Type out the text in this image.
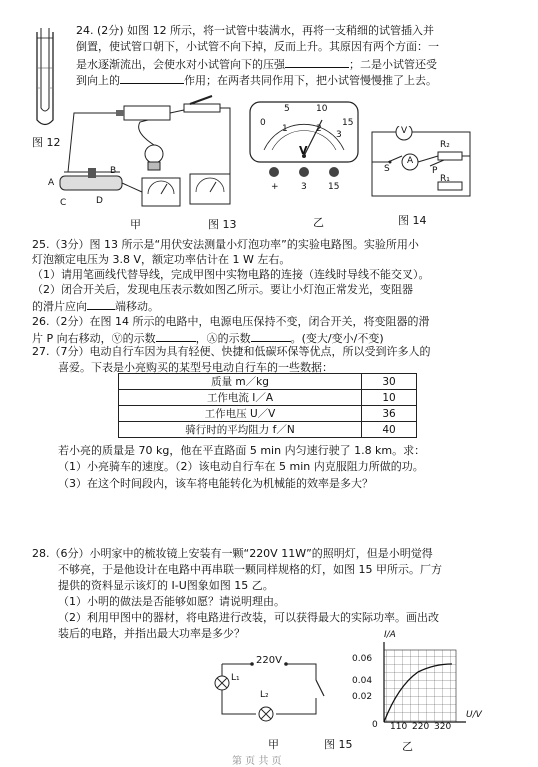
图 12
24. (2分) 如图 12 所示，将一试管中装满水，再将一支稍细的试管插入并
倒置，使试管口朝下，小试管不向下掉，反而上升。其原因有两个方面：一
是水逐渐流出，会使水对小试管向下的压强	；二是小试管还受
到向上的	作用；在两者共同作用下，把小试管慢慢推了上去。
A
B
C	D
甲	图 13
0
5	10
15
1	2
3
V
+ 3 15
乙
V
A
S
R₂
P
R₁
图 14
25.（3分）图 13 所示是“用伏安法测量小灯泡功率”的实验电路图。实验所用小
灯泡额定电压为 3.8 V，额定功率估计在 1 W 左右。
（1）请用笔画线代替导线，完成甲图中实物电路的连接（连线时导线不能交叉）。
（2）闭合开关后，发现电压表示数如图乙所示。要让小灯泡正常发光，变阻器
的滑片应向	端移动。
26.（2分）在图 14 所示的电路中，电源电压保持不变，闭合开关，将变阻器的滑
片 P 向右移动，Ⓥ的示数	，Ⓐ的示数	。(变大/变小/不变)
27.（7分）电动自行车因为具有轻便、快捷和低碳环保等优点，所以受到许多人的
喜爱。下表是小亮购买的某型号电动自行车的一些数据：
质量 m／kg	30
工作电流 I／A	10
工作电压 U／V	36
骑行时的平均阻力 f／N	40
若小亮的质量是 70 kg，他在平直路面 5 min 内匀速行驶了 1.8 km。求：
（1）小亮骑车的速度。（2）该电动自行车在 5 min 内克服阻力所做的功。
（3）在这个时间段内，该车将电能转化为机械能的效率是多大？
28.（6分）小明家中的梳妆镜上安装有一颗“220V 11W”的照明灯，但是小明觉得
不够亮，于是他设计在电路中再串联一颗同样规格的灯，如图 15 甲所示。厂方
提供的资料显示该灯的 I-U图象如图 15 乙。
（1）小明的做法是否能够如愿？请说明理由。
（2）利用甲图中的器材，将电路进行改装，可以获得最大的实际功率。画出改
装后的电路，并指出最大功率是多少？
220V
L₁
L₂
I/A
U/V
0.06
0.04
0.02
0 110 220 320
甲	图 15	乙
第 页 共 页
